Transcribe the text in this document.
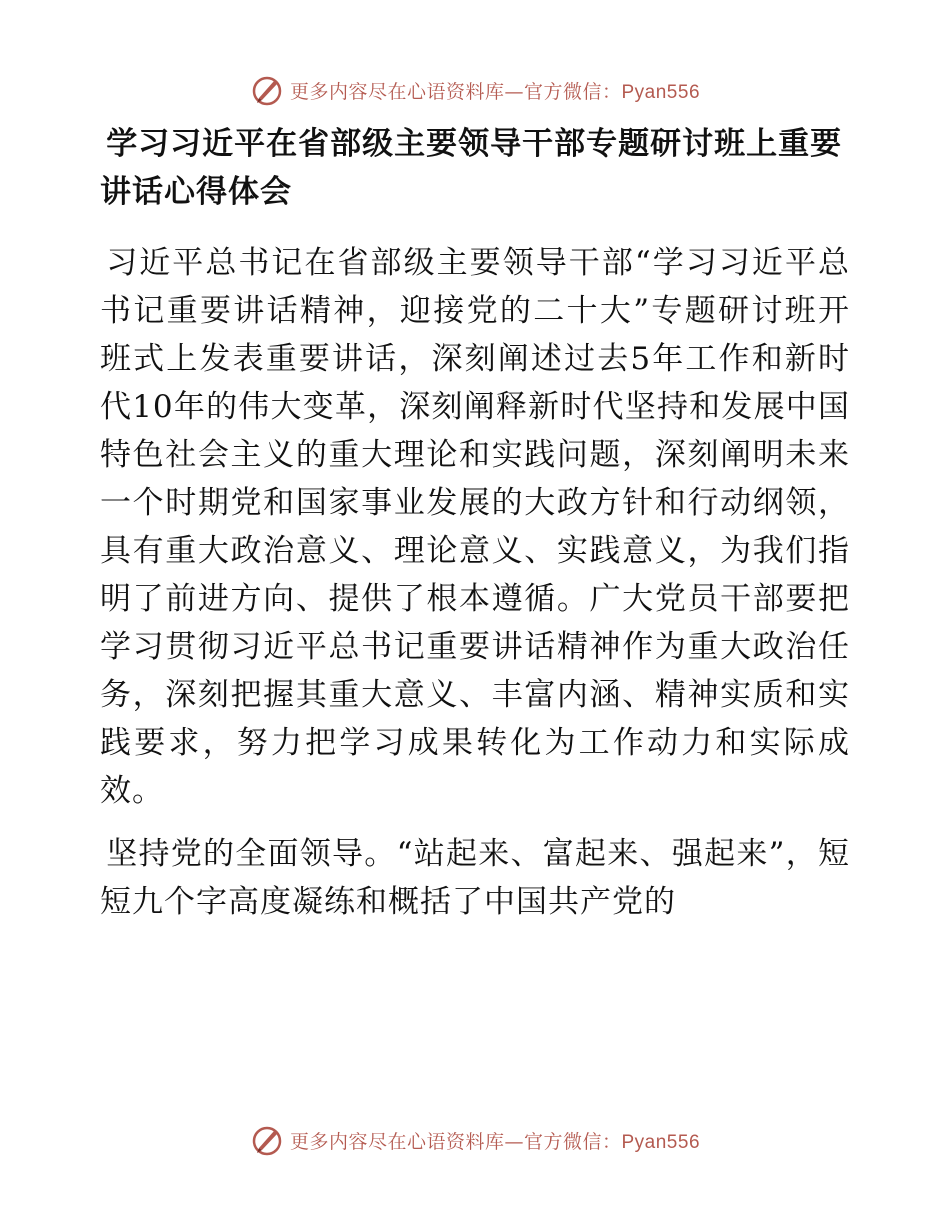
更多内容尽在心语资料库—官方微信：Pyan556
学习习近平在省部级主要领导干部专题研讨班上重要讲话心得体会

习近平总书记在省部级主要领导干部“学习习近平总书记重要讲话精神，迎接党的二十大”专题研讨班开班式上发表重要讲话，深刻阐述过去5年工作和新时代10年的伟大变革，深刻阐释新时代坚持和发展中国特色社会主义的重大理论和实践问题，深刻阐明未来一个时期党和国家事业发展的大政方针和行动纲领，具有重大政治意义、理论意义、实践意义，为我们指明了前进方向、提供了根本遵循。广大党员干部要把学习贯彻习近平总书记重要讲话精神作为重大政治任务，深刻把握其重大意义、丰富内涵、精神实质和实践要求，努力把学习成果转化为工作动力和实际成效。

坚持党的全面领导。“站起来、富起来、强起来”，短短九个字高度凝练和概括了中国共产党的

更多内容尽在心语资料库—官方微信：Pyan556
